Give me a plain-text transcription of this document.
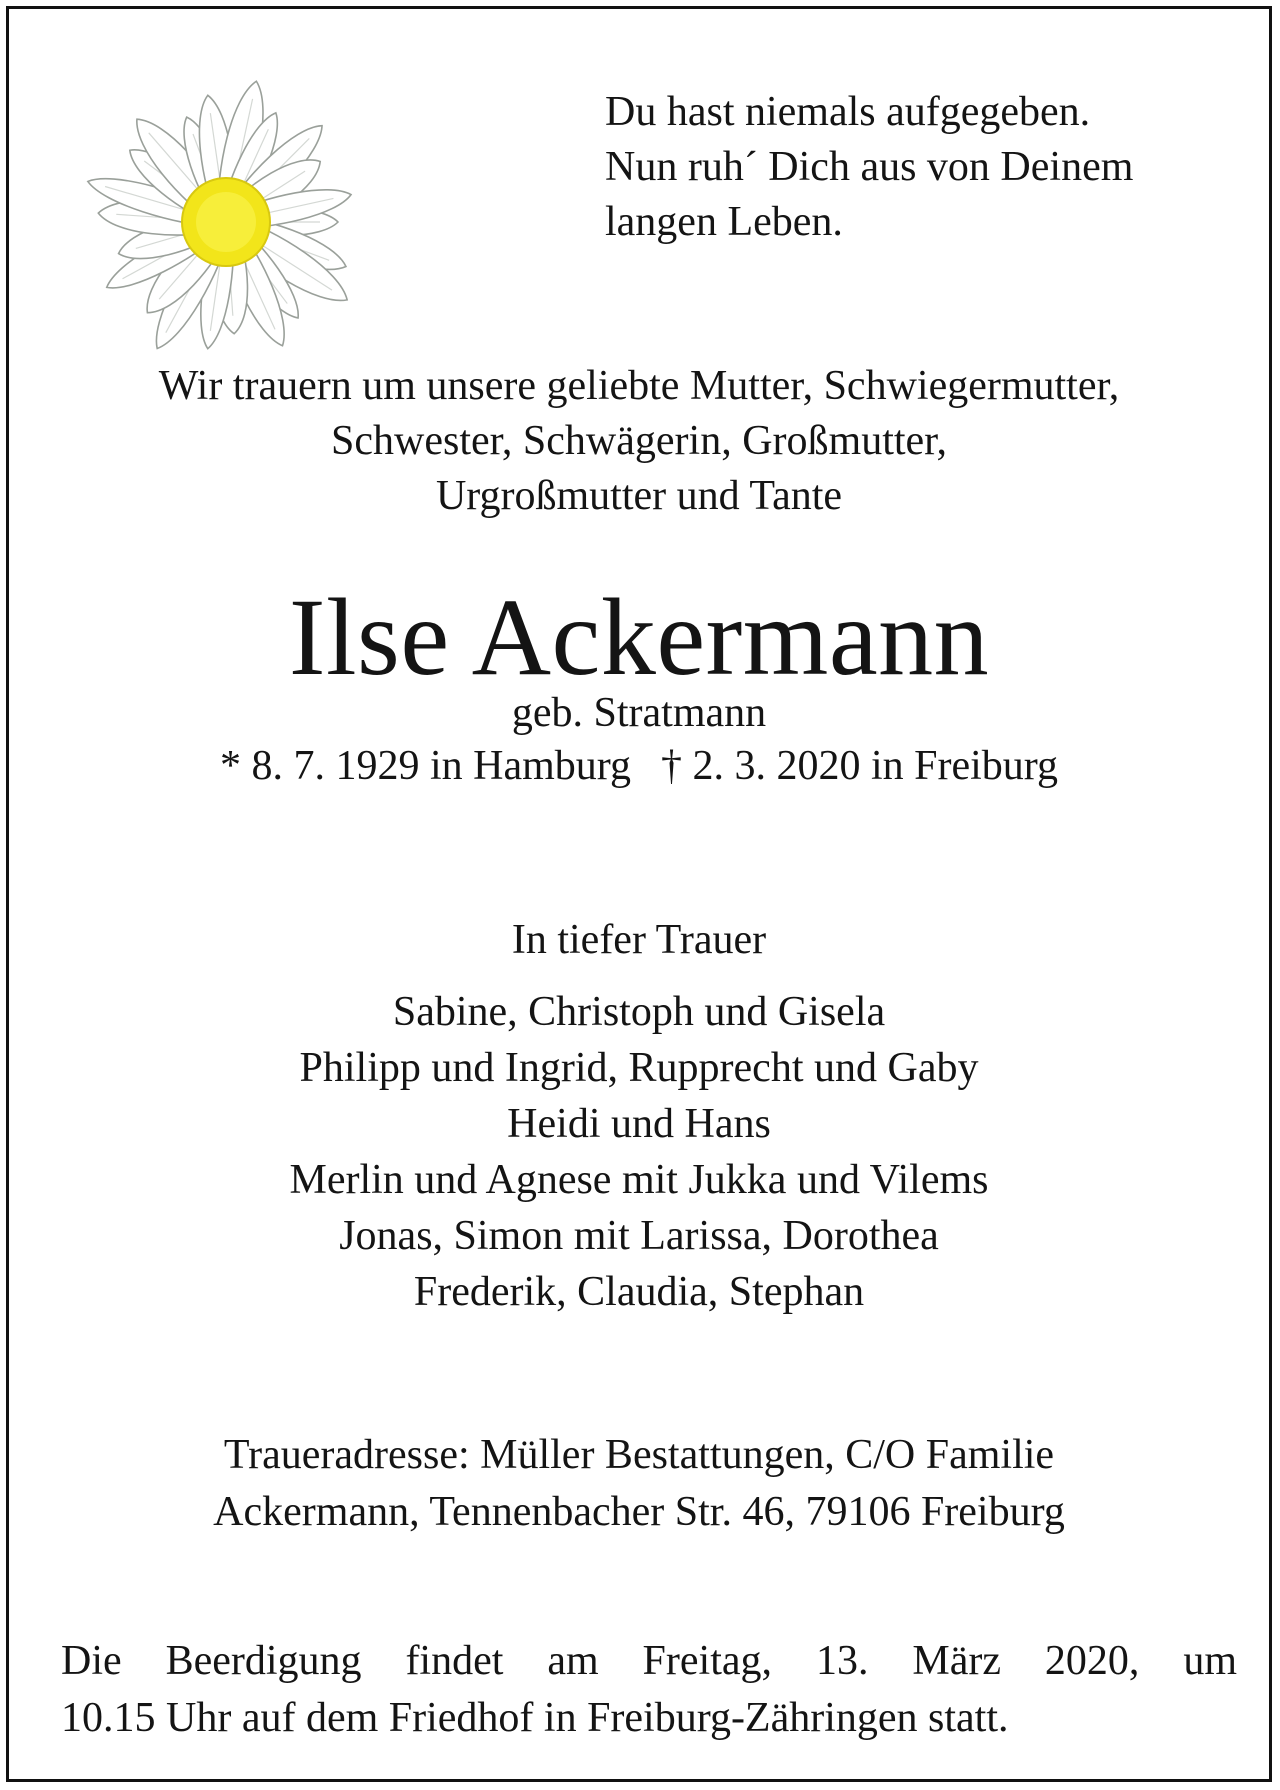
Du hast niemals aufgegeben.
Nun ruh´ Dich aus von Deinem
langen Leben.
Wir trauern um unsere geliebte Mutter, Schwiegermutter,
Schwester, Schwägerin, Großmutter,
Urgroßmutter und Tante
Ilse Ackermann
geb. Stratmann
* 8. 7. 1929 in Hamburg † 2. 3. 2020 in Freiburg
In tiefer Trauer
Sabine, Christoph und Gisela
Philipp und Ingrid, Rupprecht und Gaby
Heidi und Hans
Merlin und Agnese mit Jukka und Vilems
Jonas, Simon mit Larissa, Dorothea
Frederik, Claudia, Stephan
Traueradresse: Müller Bestattungen, C/O Familie
Ackermann, Tennenbacher Str. 46, 79106 Freiburg
Die Beerdigung findet am Freitag, 13. März 2020, um
10.15 Uhr auf dem Friedhof in Freiburg-Zähringen statt.
